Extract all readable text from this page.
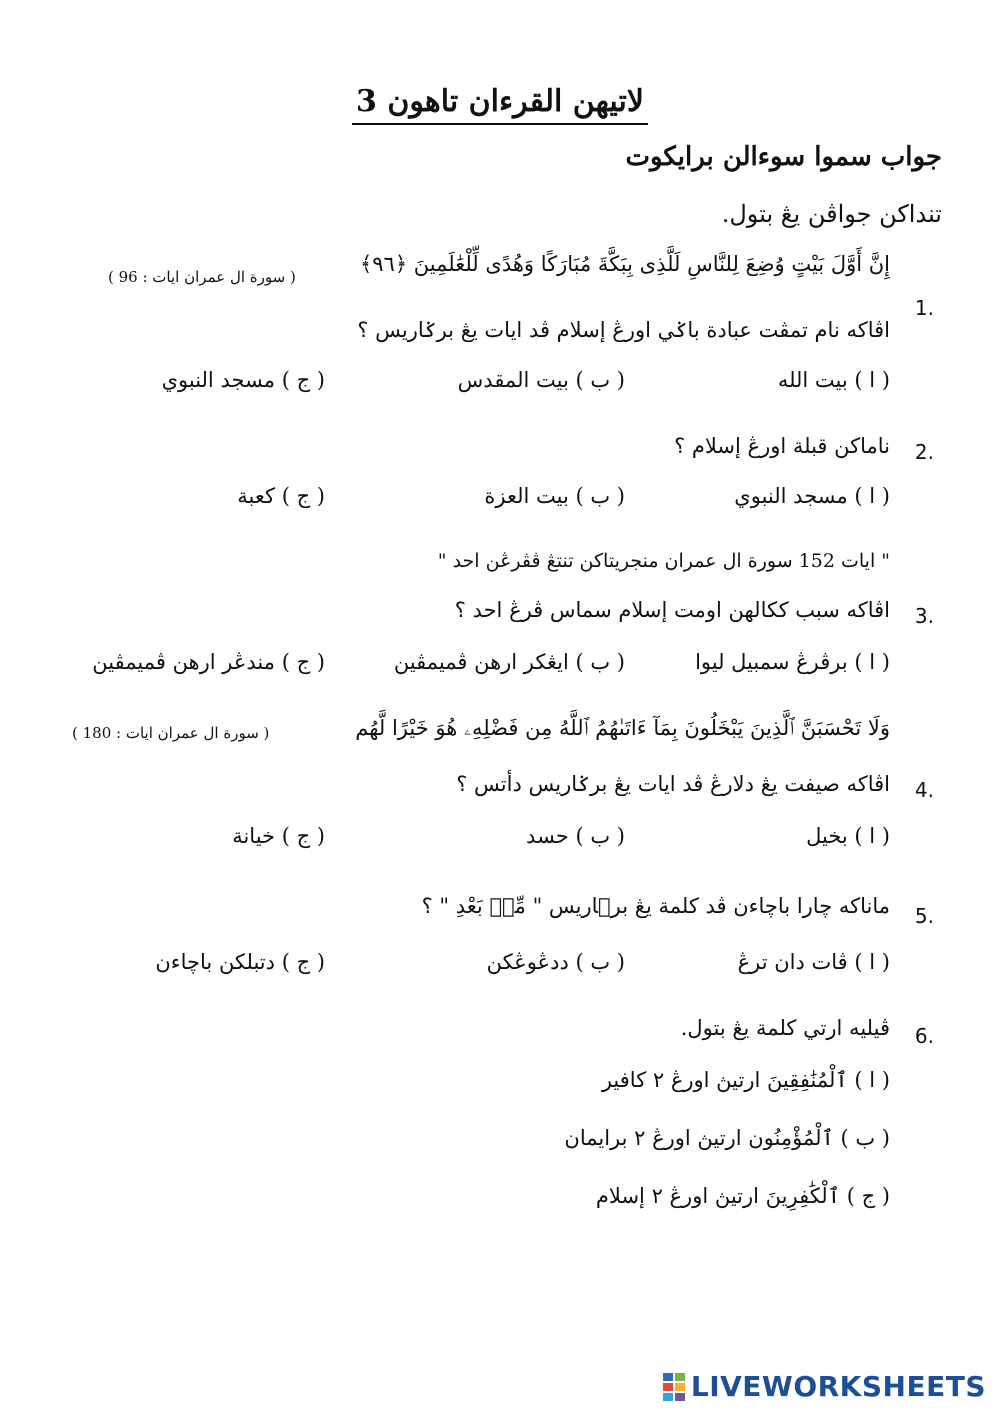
لاتيهن القرءان تاهون 3
جواب سموا سوءالن برايكوت
تنداكن جواڤن يڠ بتول.
إِنَّ أَوَّلَ بَيْتٍ وُضِعَ لِلنَّاسِ لَلَّذِى بِبَكَّةَ مُبَارَكًا وَهُدًى لِّلْعَٰلَمِينَ ﴿٩٦﴾
( سورة ال عمران ايات : 96 )
1.
اڤاکه نام تمڤت عبادة باݢي اورڠ إسلام ڤد ايات يڠ برݢاريس ؟
( ا ) بيت الله
( ب ) بيت المقدس
( ج ) مسجد النبوي
2.
ناماکن قبلة اورڠ إسلام ؟
( ا ) مسجد النبوي
( ب ) بيت العزة
( ج ) كعبة
" ايات 152 سورة ال عمران منجريتاكن تنتڠ ڤڤرڠن احد "
3.
اڤاکه سبب ککالهن اومت إسلام سماس ڤرڠ احد ؟
( ا ) برڤرڠ سمبيل ليوا
( ب ) ايڠکر ارهن ڤميمڤين
( ج ) مندڠر ارهن ڤميمڤين
وَلَا تَحْسَبَنَّ ٱلَّذِينَ يَبْخَلُونَ بِمَآ ءَاتَىٰهُمُ ٱللَّهُ مِن فَضْلِهِۦ هُوَ خَيْرًا لَّهُم
( سورة ال عمران ايات : 180 )
4.
اڤاکه صيفت يڠ دلارڠ ڤد ايات يڠ برݢاريس دأتس ؟
( ا ) بخيل
( ب ) حسد
( ج ) خيانة
5.
ماناکه چارا باچاءن ڤد کلمة يڠ برݢاريس " مِّنۢ بَعْدِ " ؟
( ا ) ڤات دان ترڠ
( ب ) ددڠوڠکن
( ج ) دتبلکن باچاءن
6.
ڤيليه ارتي کلمة يڠ بتول.
( ا ) ٱلْمُنَٰفِقِينَ ارتيڽ اورڠ ٢ کافير
( ب ) ٱلْمُؤْمِنُون ارتيڽ اورڠ ٢ برايمان
( ج ) ٱلْكَٰفِرِينَ ارتيڽ اورڠ ٢ إسلام
LIVEWORKSHEETS
